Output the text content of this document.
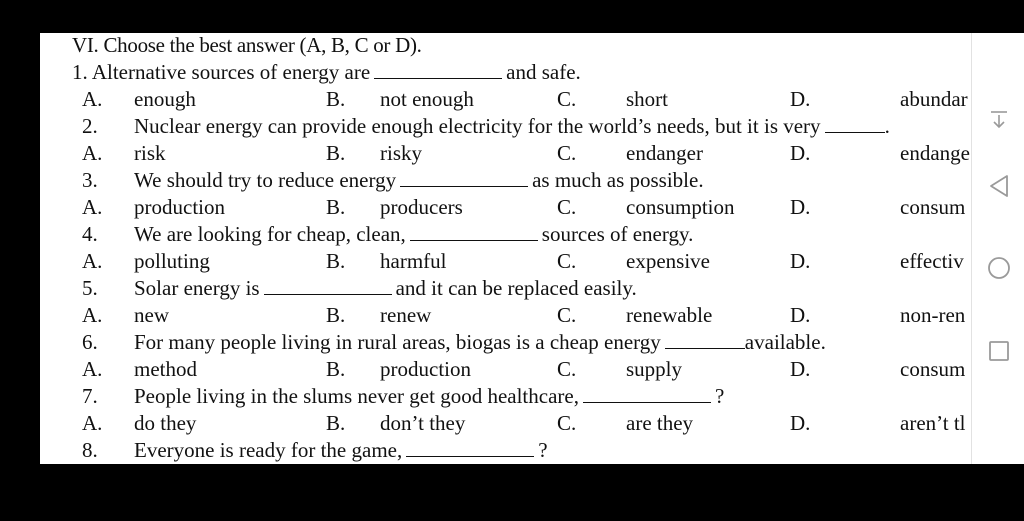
VI. Choose the best answer (A, B, C or D).
1. Alternative sources of energy are	and safe.
A. enough	B. not enough	C. short	D.	abundar
2. Nuclear energy can provide enough electricity for the world’s needs, but it is very	.
A. risk	B. risky	C. endanger	D.	endange
3. We should try to reduce energy	as much as possible.
A. production	B. producers	C. consumption	D.	consum
4. We are looking for cheap, clean,	sources of energy.
A. polluting	B. harmful	C. expensive	D.	effectiv
5. Solar energy is	and it can be replaced easily.
A. new	B. renew	C. renewable	D.	non-ren
6. For many people living in rural areas, biogas is a cheap energy	available.
A. method	B. production	C. supply	D.	consum
7. People living in the slums never get good healthcare,	?
A. do they	B. don’t they	C. are they	D.	aren’t tl
8. Everyone is ready for the game,	?
